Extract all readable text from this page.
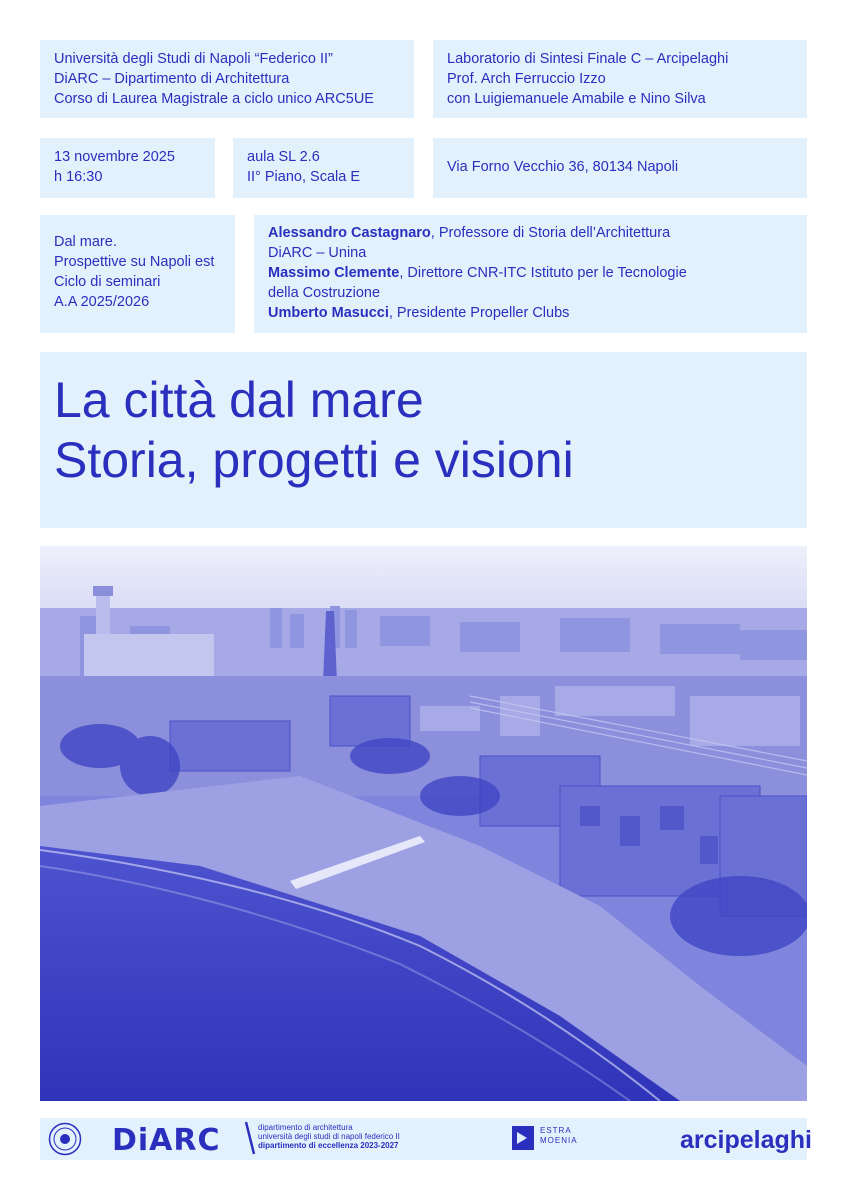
Università degli Studi di Napoli “Federico II”

DiARC – Dipartimento di Architettura

Corso di Laurea Magistrale a ciclo unico ARC5UE

Laboratorio di Sintesi Finale C – Arcipelaghi

Prof. Arch Ferruccio Izzo

con Luigiemanuele Amabile e Nino Silva

13 novembre 2025

h 16:30

aula SL 2.6

II° Piano, Scala E

Via Forno Vecchio 36, 80134 Napoli

Dal mare.

Prospettive su Napoli est

Ciclo di seminari

A.A 2025/2026

Alessandro Castagnaro, Professore di Storia dell’Architettura

DiARC – Unina

Massimo Clemente, Direttore CNR-ITC Istituto per le Tecnologie

della Costruzione

Umberto Masucci, Presidente Propeller Clubs

La città dal mare

Storia, progetti e visioni

DiARC	dipartimento di architettura

università degli studi di napoli federico II

dipartimento di eccellenza 2023-2027

ESTRA

MOENIA	arcipelaghi
